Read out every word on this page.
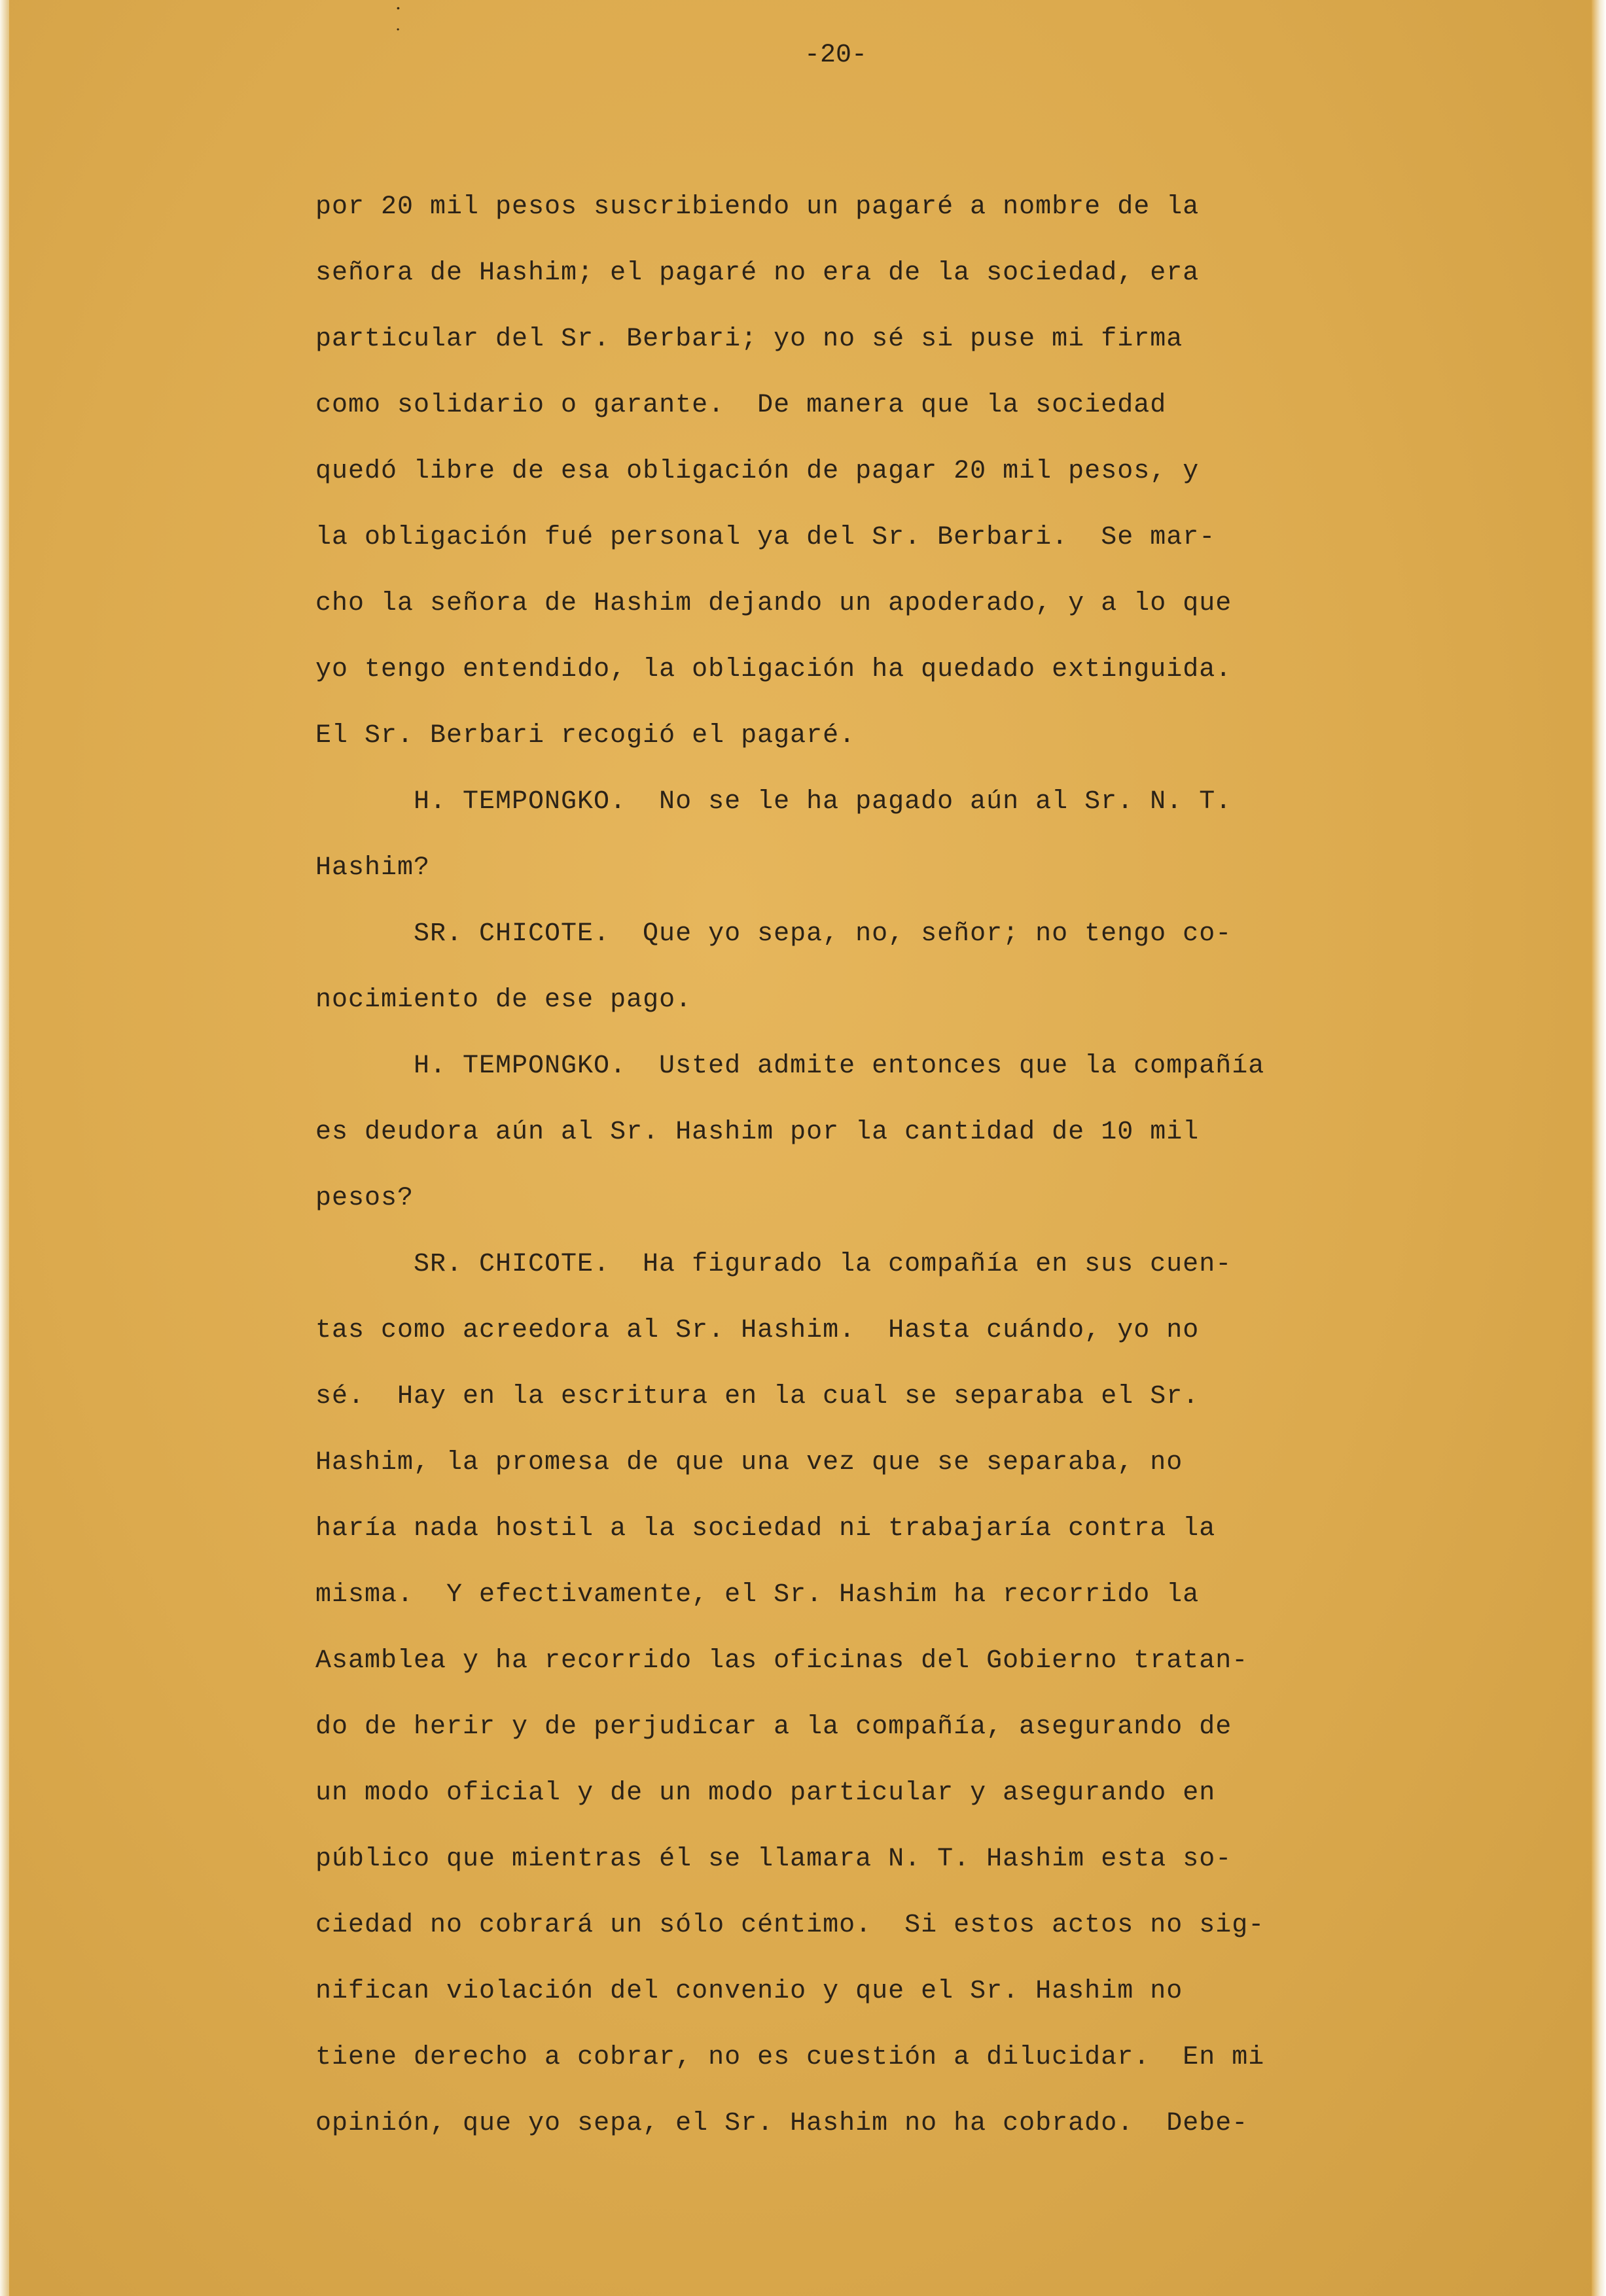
•
•
-20-
por 20 mil pesos suscribiendo un pagaré a nombre de la
señora de Hashim; el pagaré no era de la sociedad, era
particular del Sr. Berbari; yo no sé si puse mi firma
como solidario o garante.  De manera que la sociedad
quedó libre de esa obligación de pagar 20 mil pesos, y
la obligación fué personal ya del Sr. Berbari.  Se mar-
cho la señora de Hashim dejando un apoderado, y a lo que
yo tengo entendido, la obligación ha quedado extinguida.
El Sr. Berbari recogió el pagaré.
H. TEMPONGKO.  No se le ha pagado aún al Sr. N. T.
Hashim?
SR. CHICOTE.  Que yo sepa, no, señor; no tengo co-
nocimiento de ese pago.
H. TEMPONGKO.  Usted admite entonces que la compañía
es deudora aún al Sr. Hashim por la cantidad de 10 mil
pesos?
SR. CHICOTE.  Ha figurado la compañía en sus cuen-
tas como acreedora al Sr. Hashim.  Hasta cuándo, yo no
sé.  Hay en la escritura en la cual se separaba el Sr.
Hashim, la promesa de que una vez que se separaba, no
haría nada hostil a la sociedad ni trabajaría contra la
misma.  Y efectivamente, el Sr. Hashim ha recorrido la
Asamblea y ha recorrido las oficinas del Gobierno tratan-
do de herir y de perjudicar a la compañía, asegurando de
un modo oficial y de un modo particular y asegurando en
público que mientras él se llamara N. T. Hashim esta so-
ciedad no cobrará un sólo céntimo.  Si estos actos no sig-
nifican violación del convenio y que el Sr. Hashim no
tiene derecho a cobrar, no es cuestión a dilucidar.  En mi
opinión, que yo sepa, el Sr. Hashim no ha cobrado.  Debe-
